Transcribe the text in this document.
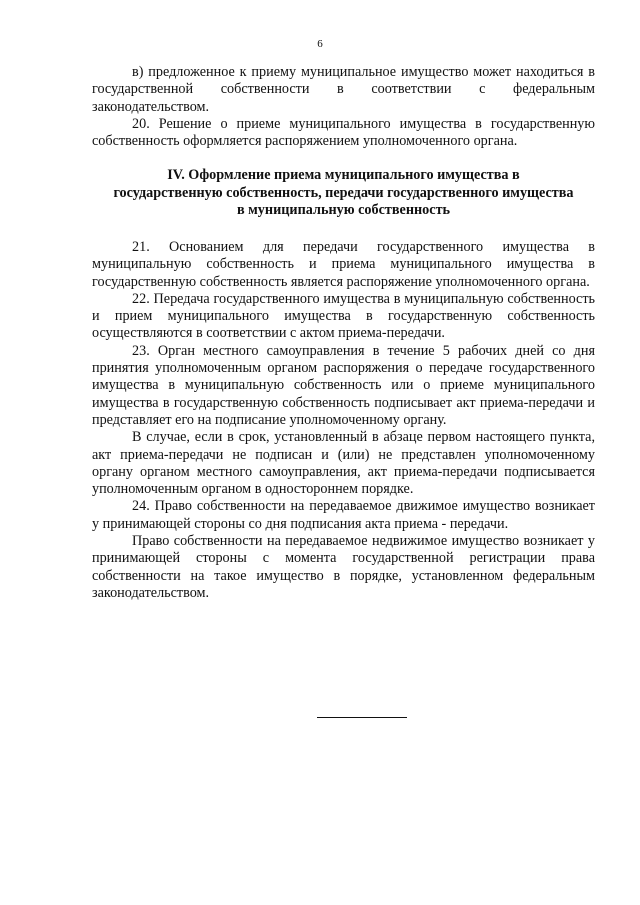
6

в) предложенное к приему муниципальное имущество может находиться в государственной собственности в соответствии с федеральным законодательством.

20. Решение о приеме муниципального имущества в государственную собственность оформляется распоряжением уполномоченного органа.

IV. Оформление приема муниципального имущества в
государственную собственность, передачи государственного имущества
в муниципальную собственность

21. Основанием для передачи государственного имущества в муниципальную собственность и приема муниципального имущества в государственную собственность является распоряжение уполномоченного органа.

22. Передача государственного имущества в муниципальную собственность и прием муниципального имущества в государственную собственность осуществляются в соответствии с актом приема-передачи.

23. Орган местного самоуправления в течение 5 рабочих дней со дня принятия уполномоченным органом распоряжения о передаче государственного имущества в муниципальную собственность или о приеме муниципального имущества в государственную собственность подписывает акт приема-передачи и представляет его на подписание уполномоченному органу.

В случае, если в срок, установленный в абзаце первом настоящего пункта, акт приема-передачи не подписан и (или) не представлен уполномоченному органу органом местного самоуправления, акт приема-передачи подписывается уполномоченным органом в одностороннем порядке.

24. Право собственности на передаваемое движимое имущество возникает у принимающей стороны со дня подписания акта приема - передачи.

Право собственности на передаваемое недвижимое имущество возникает у принимающей стороны с момента государственной регистрации права собственности на такое имущество в порядке, установленном федеральным законодательством.
